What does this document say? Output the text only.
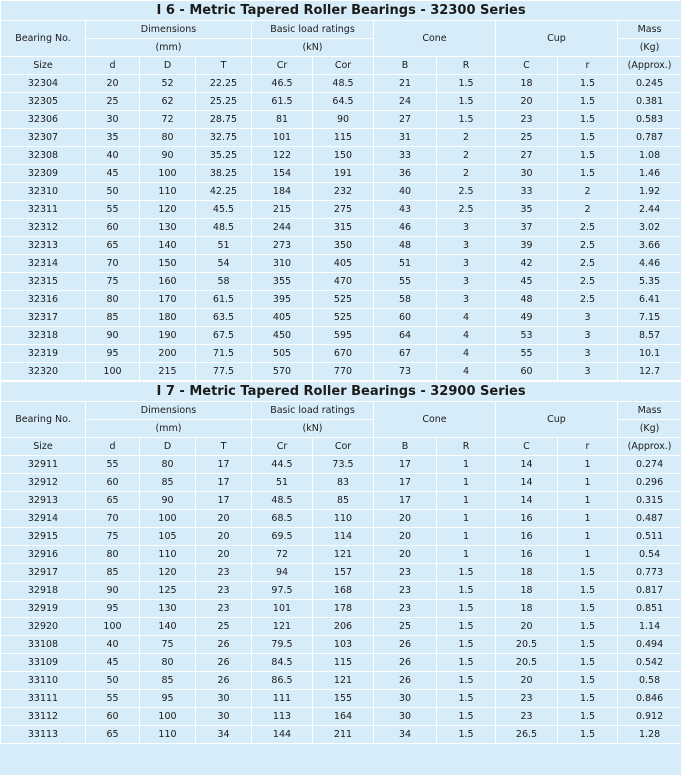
I 6 - Metric Tapered Roller Bearings - 32300 Series										
Bearing No.	Dimensions			Basic load ratings		Cone		Cup		Mass
	(mm)			(kN)						(Kg)
Size	d	D	T	Cr	Cor	B	R	C	r	(Approx.)
32304	20	52	22.25	46.5	48.5	21	1.5	18	1.5	0.245
32305	25	62	25.25	61.5	64.5	24	1.5	20	1.5	0.381
32306	30	72	28.75	81	90	27	1.5	23	1.5	0.583
32307	35	80	32.75	101	115	31	2	25	1.5	0.787
32308	40	90	35.25	122	150	33	2	27	1.5	1.08
32309	45	100	38.25	154	191	36	2	30	1.5	1.46
32310	50	110	42.25	184	232	40	2.5	33	2	1.92
32311	55	120	45.5	215	275	43	2.5	35	2	2.44
32312	60	130	48.5	244	315	46	3	37	2.5	3.02
32313	65	140	51	273	350	48	3	39	2.5	3.66
32314	70	150	54	310	405	51	3	42	2.5	4.46
32315	75	160	58	355	470	55	3	45	2.5	5.35
32316	80	170	61.5	395	525	58	3	48	2.5	6.41
32317	85	180	63.5	405	525	60	4	49	3	7.15
32318	90	190	67.5	450	595	64	4	53	3	8.57
32319	95	200	71.5	505	670	67	4	55	3	10.1
32320	100	215	77.5	570	770	73	4	60	3	12.7
I 7 - Metric Tapered Roller Bearings - 32900 Series										
Bearing No.	Dimensions			Basic load ratings		Cone		Cup		Mass
	(mm)			(kN)						(Kg)
Size	d	D	T	Cr	Cor	B	R	C	r	(Approx.)
32911	55	80	17	44.5	73.5	17	1	14	1	0.274
32912	60	85	17	51	83	17	1	14	1	0.296
32913	65	90	17	48.5	85	17	1	14	1	0.315
32914	70	100	20	68.5	110	20	1	16	1	0.487
32915	75	105	20	69.5	114	20	1	16	1	0.511
32916	80	110	20	72	121	20	1	16	1	0.54
32917	85	120	23	94	157	23	1.5	18	1.5	0.773
32918	90	125	23	97.5	168	23	1.5	18	1.5	0.817
32919	95	130	23	101	178	23	1.5	18	1.5	0.851
32920	100	140	25	121	206	25	1.5	20	1.5	1.14
33108	40	75	26	79.5	103	26	1.5	20.5	1.5	0.494
33109	45	80	26	84.5	115	26	1.5	20.5	1.5	0.542
33110	50	85	26	86.5	121	26	1.5	20	1.5	0.58
33111	55	95	30	111	155	30	1.5	23	1.5	0.846
33112	60	100	30	113	164	30	1.5	23	1.5	0.912
33113	65	110	34	144	211	34	1.5	26.5	1.5	1.28
